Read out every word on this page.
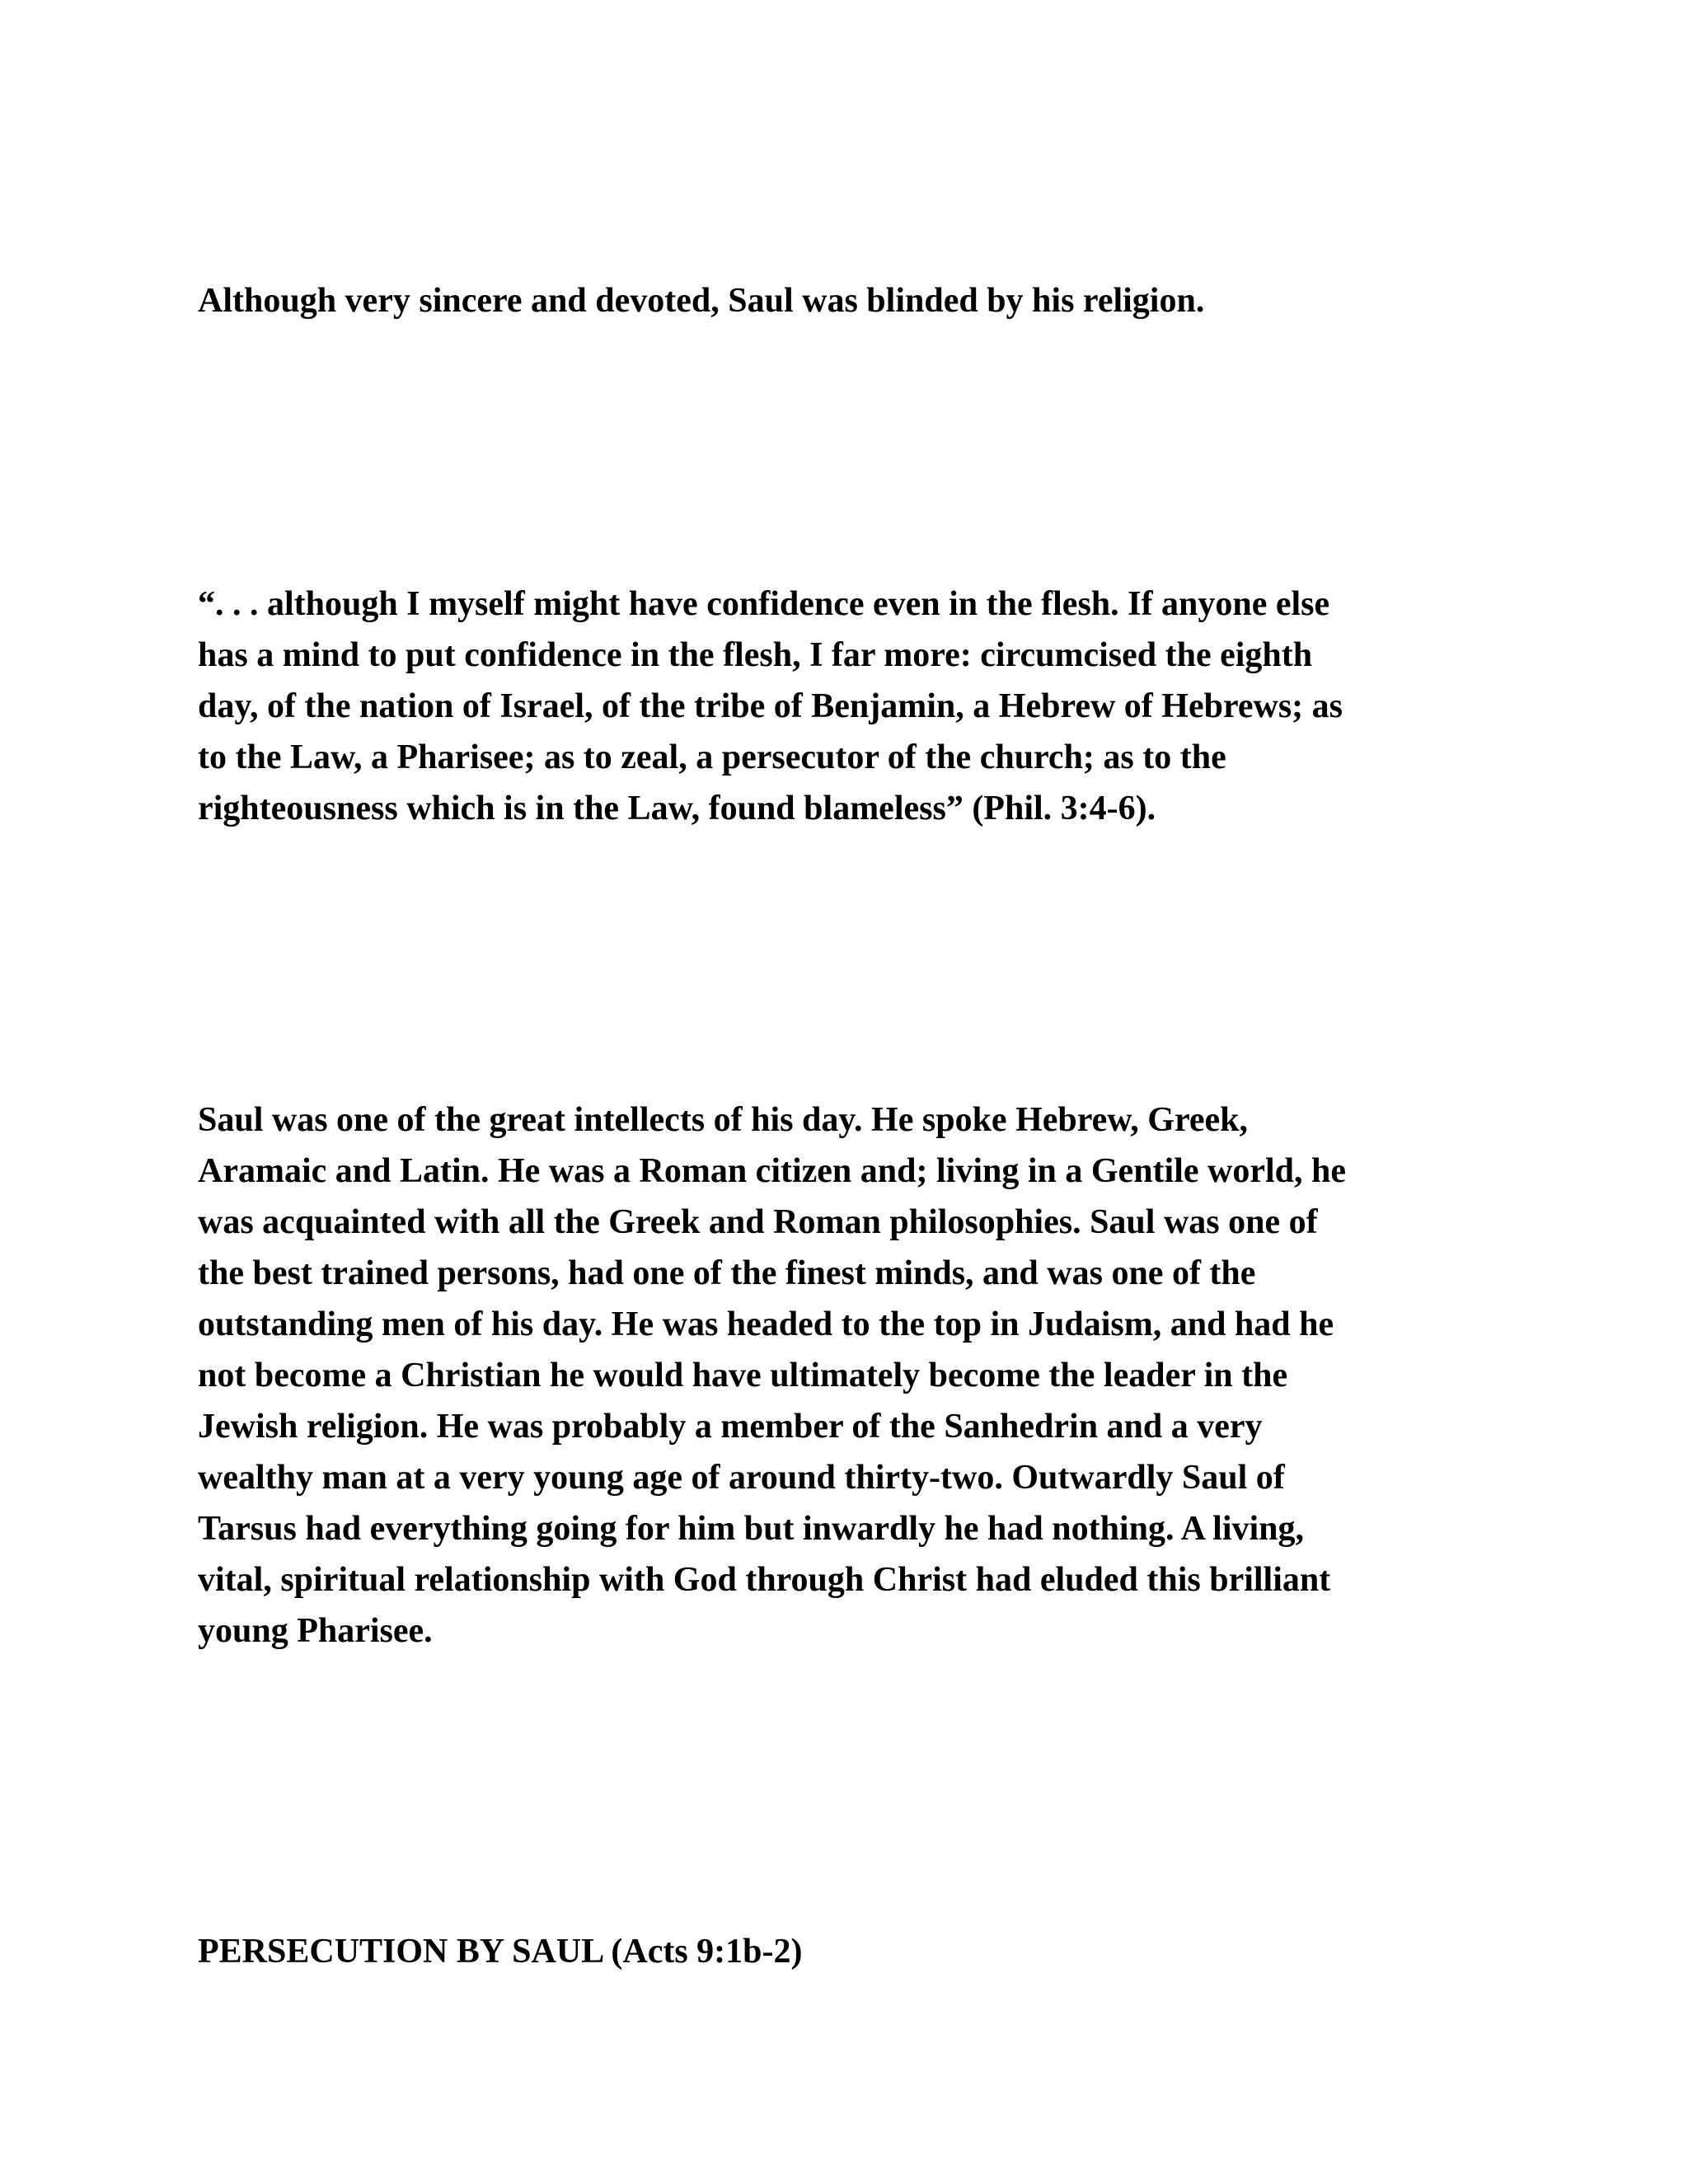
Although very sincere and devoted, Saul was blinded by his religion.
“. . . although I myself might have confidence even in the flesh. If anyone else
has a mind to put confidence in the flesh, I far more: circumcised the eighth
day, of the nation of Israel, of the tribe of Benjamin, a Hebrew of Hebrews; as
to the Law, a Pharisee; as to zeal, a persecutor of the church; as to the
righteousness which is in the Law, found blameless” (Phil. 3:4-6).
Saul was one of the great intellects of his day. He spoke Hebrew, Greek,
Aramaic and Latin. He was a Roman citizen and; living in a Gentile world, he
was acquainted with all the Greek and Roman philosophies. Saul was one of
the best trained persons, had one of the finest minds, and was one of the
outstanding men of his day. He was headed to the top in Judaism, and had he
not become a Christian he would have ultimately become the leader in the
Jewish religion. He was probably a member of the Sanhedrin and a very
wealthy man at a very young age of around thirty-two. Outwardly Saul of
Tarsus had everything going for him but inwardly he had nothing. A living,
vital, spiritual relationship with God through Christ had eluded this brilliant
young Pharisee.
PERSECUTION BY SAUL (Acts 9:1b-2)
